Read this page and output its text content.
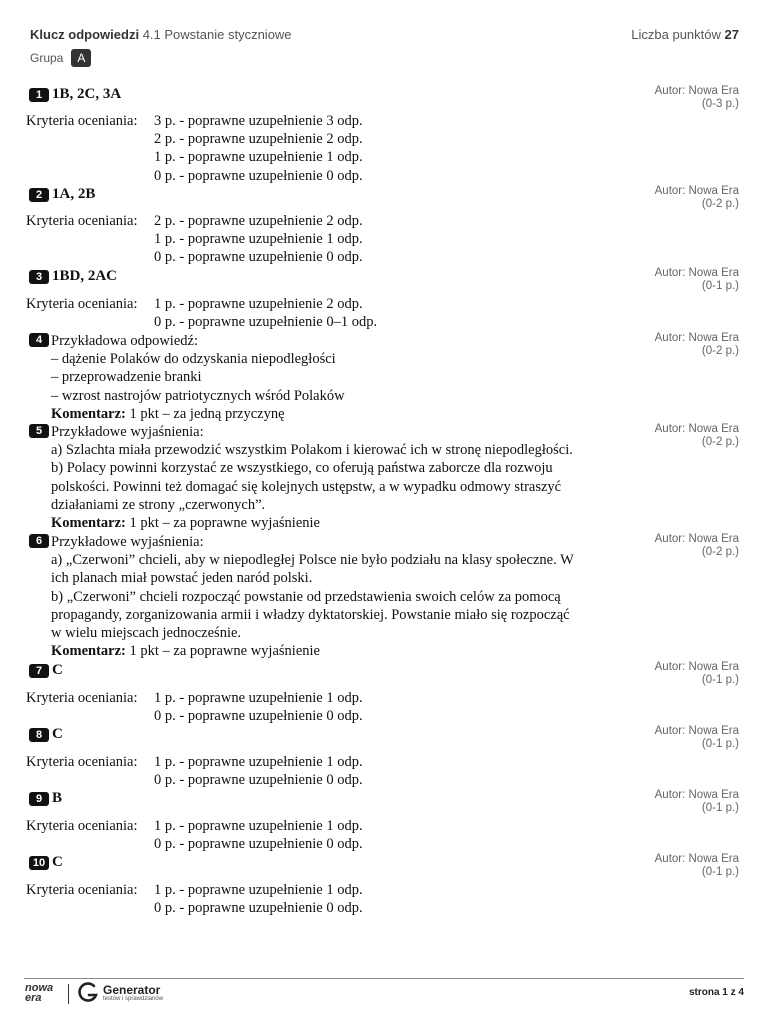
Klucz odpowiedzi 4.1 Powstanie styczniowe	Liczba punktów 27
Grupa	A
1 1B, 2C, 3A	Autor: Nowa Era
(0-3 p.)
Kryteria oceniania: 3 p. - poprawne uzupełnienie 3 odp.
2 p. - poprawne uzupełnienie 2 odp.
1 p. - poprawne uzupełnienie 1 odp.
0 p. - poprawne uzupełnienie 0 odp.
2 1A, 2B	Autor: Nowa Era
(0-2 p.)
Kryteria oceniania: 2 p. - poprawne uzupełnienie 2 odp.
1 p. - poprawne uzupełnienie 1 odp.
0 p. - poprawne uzupełnienie 0 odp.
3 1BD, 2AC	Autor: Nowa Era
(0-1 p.)
Kryteria oceniania: 1 p. - poprawne uzupełnienie 2 odp.
0 p. - poprawne uzupełnienie 0–1 odp.
4	Autor: Nowa Era
(0-2 p.)
Przykładowa odpowiedź:
– dążenie Polaków do odzyskania niepodległości
– przeprowadzenie branki
– wzrost nastrojów patriotycznych wśród Polaków
Komentarz: 1 pkt – za jedną przyczynę
5	Autor: Nowa Era
(0-2 p.)
Przykładowe wyjaśnienia:
a) Szlachta miała przewodzić wszystkim Polakom i kierować ich w stronę niepodległości.
b) Polacy powinni korzystać ze wszystkiego, co oferują państwa zaborcze dla rozwoju
polskości. Powinni też domagać się kolejnych ustępstw, a w wypadku odmowy straszyć
działaniami ze strony „czerwonych”.
Komentarz: 1 pkt – za poprawne wyjaśnienie
6	Autor: Nowa Era
(0-2 p.)
Przykładowe wyjaśnienia:
a) „Czerwoni” chcieli, aby w niepodległej Polsce nie było podziału na klasy społeczne. W
ich planach miał powstać jeden naród polski.
b) „Czerwoni” chcieli rozpocząć powstanie od przedstawienia swoich celów za pomocą
propagandy, zorganizowania armii i władzy dyktatorskiej. Powstanie miało się rozpocząć
w wielu miejscach jednocześnie.
Komentarz: 1 pkt – za poprawne wyjaśnienie
7 C	Autor: Nowa Era
(0-1 p.)
Kryteria oceniania: 1 p. - poprawne uzupełnienie 1 odp.
0 p. - poprawne uzupełnienie 0 odp.
8 C	Autor: Nowa Era
(0-1 p.)
Kryteria oceniania: 1 p. - poprawne uzupełnienie 1 odp.
0 p. - poprawne uzupełnienie 0 odp.
9 B	Autor: Nowa Era
(0-1 p.)
Kryteria oceniania: 1 p. - poprawne uzupełnienie 1 odp.
0 p. - poprawne uzupełnienie 0 odp.
10 C	Autor: Nowa Era
(0-1 p.)
Kryteria oceniania: 1 p. - poprawne uzupełnienie 1 odp.
0 p. - poprawne uzupełnienie 0 odp.
nowa
era
Generator
testów i sprawdzianów
strona 1 z 4
